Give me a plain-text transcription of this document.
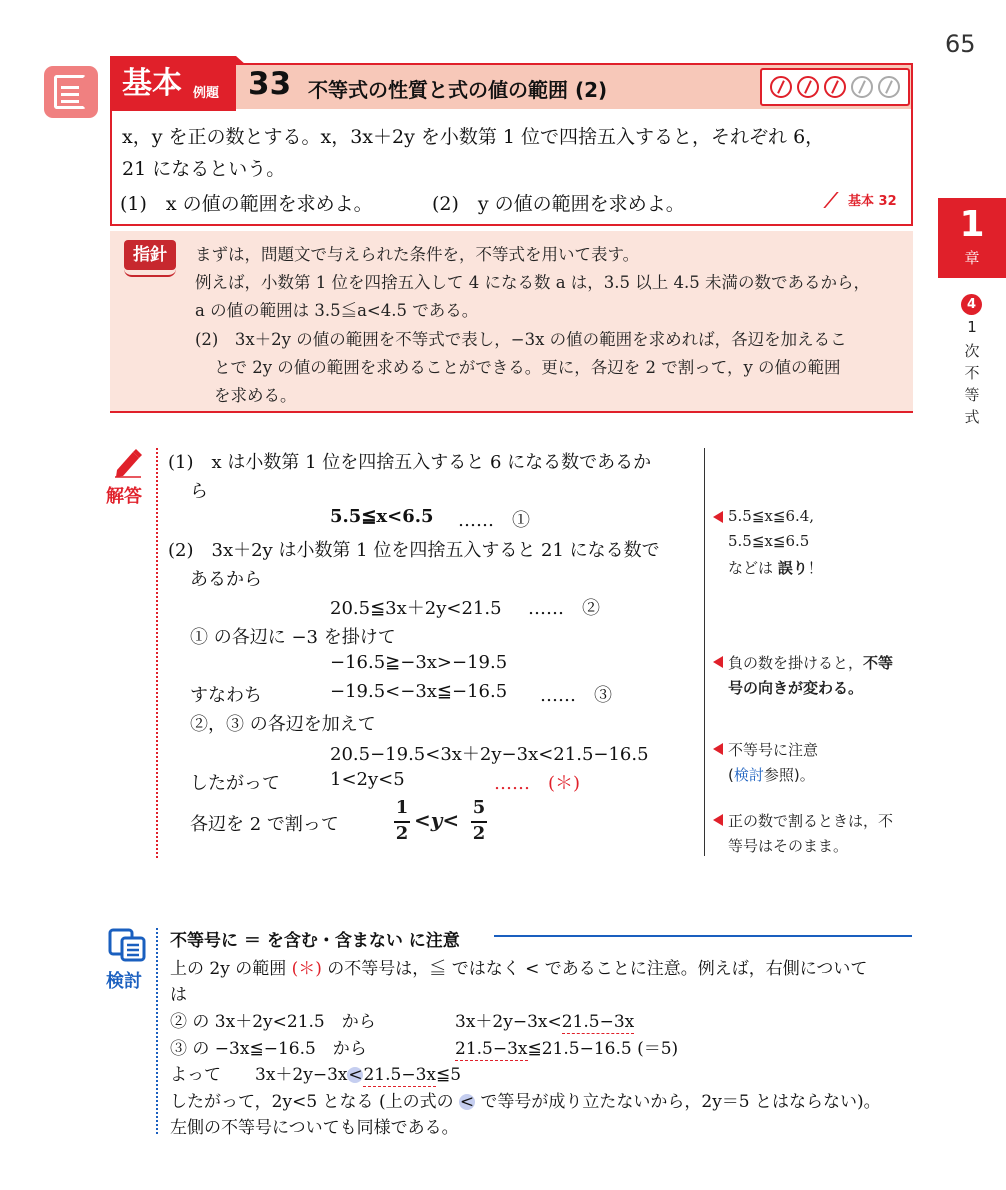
65
基本 例題 33 不等式の性質と式の値の範囲 (2)
x，y を正の数とする。x，3x＋2y を小数第 1 位で四捨五入すると，それぞれ 6，
21 になるという。
(1)　x の値の範囲を求めよ。	(2)　y の値の範囲を求めよ。	基本 32
指針	まずは，問題文で与えられた条件を，不等式を用いて表す。
例えば，小数第 1 位を四捨五入して 4 になる数 a は，3.5 以上 4.5 未満の数であるから，
a の値の範囲は 3.5≦a<4.5 である。
(2)　3x＋2y の値の範囲を不等式で表し，−3x の値の範囲を求めれば，各辺を加えるこ
とで 2y の値の範囲を求めることができる。更に，各辺を 2 で割って，y の値の範囲
を求める。
1
章
4
1
次
不
等
式
解答
(1)　x は小数第 1 位を四捨五入すると 6 になる数であるか
ら
5.5≦x<6.5 ……　①
(2)　3x＋2y は小数第 1 位を四捨五入すると 21 になる数で
あるから
20.5≦3x＋2y<21.5 ……　②
① の各辺に −3 を掛けて
−16.5≧−3x>−19.5
すなわち	−19.5<−3x≦−16.5 ……　③
②，③ の各辺を加えて
20.5−19.5<3x＋2y−3x<21.5−16.5
したがって	1<2y<5	……　(＊)
各辺を 2 で割って
1
2
<y<
5
2
5.5≦x≦6.4,
5.5≦x≦6.5
などは 誤り！
負の数を掛けると，不等
号の向きが変わる。
不等号に注意
(検討参照)。
正の数で割るときは，不
等号はそのまま。
検討
不等号に ＝ を含む・含まない に注意
上の 2y の範囲 (＊) の不等号は，≦ ではなく < であることに注意。例えば，右側について
は
② の 3x＋2y<21.5　から	3x＋2y−3x<21.5−3x
③ の −3x≦−16.5　から	21.5−3x≦21.5−16.5 (＝5)
よって　　3x＋2y−3x<21.5−3x≦5
したがって，2y<5 となる (上の式の < で等号が成り立たないから，2y＝5 とはならない)。
左側の不等号についても同様である。
